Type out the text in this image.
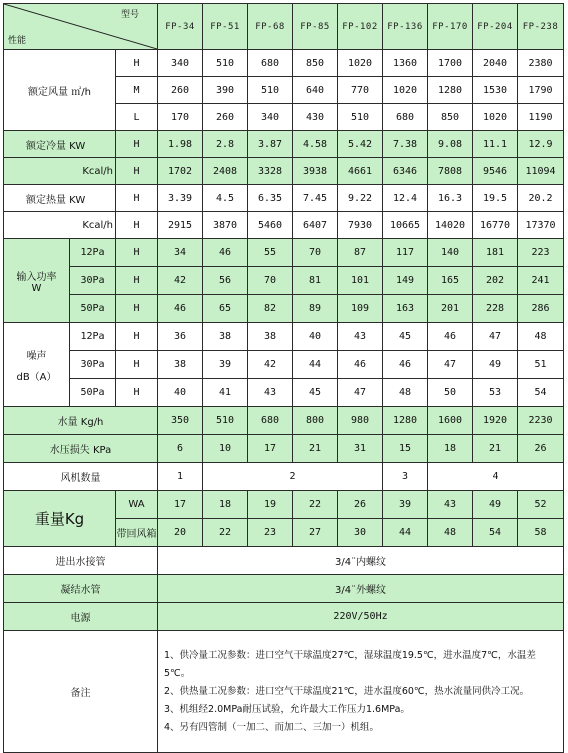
型号
性能			FP-34	FP-51	FP-68	FP-85	FP-102	FP-136	FP-170	FP-204	FP-238
额定风量 ㎡/h		H	340	510	680	850	1020	1360	1700	2040	2380
		M	260	390	510	640	770	1020	1280	1530	1790
		L	170	260	340	430	510	680	850	1020	1190
额定冷量 KW		H	1.98	2.8	3.87	4.58	5.42	7.38	9.08	11.1	12.9
Kcal/h		H	1702	2408	3328	3938	4661	6346	7808	9546	11094
额定热量 KW		H	3.39	4.5	6.35	7.45	9.22	12.4	16.3	19.5	20.2
Kcal/h		H	2915	3870	5460	6407	7930	10665	14020	16770	17370

输入功率
W	12Pa	H	34	46	55	70	87	117	140	181	223
	30Pa	H	42	56	70	81	101	149	165	202	241
	50Pa	H	46	65	82	89	109	163	201	228	286

噪声
dB（A）	12Pa	H	36	38	38	40	43	45	46	47	48
	30Pa	H	38	39	42	44	46	46	47	49	51
	50Pa	H	40	41	43	45	47	48	50	53	54
水量 Kg/h			350	510	680	800	980	1280	1600	1920	2230
水压损失 KPa			6	10	17	21	31	15	18	21	26
风机数量			1	2				3	4		
重量Kg		WA	17	18	19	22	26	39	43	49	52
		带回风箱	20	22	23	27	30	44	48	54	58
进出水接管			3/4¨内螺纹								
凝结水管			3/4¨外螺纹								
电源			220V/50Hz								
备注			1、供冷量工况参数：进口空气干球温度27℃，湿球温度19.5℃，进水温度7℃，水温差5℃。
2、供热量工况参数：进口空气干球温度21℃，进水温度60℃，热水流量同供冷工况。
3、机组经2.0MPa耐压试验，允许最大工作压力1.6MPa。
4、另有四管制（一加二、而加二、三加一）机组。								
